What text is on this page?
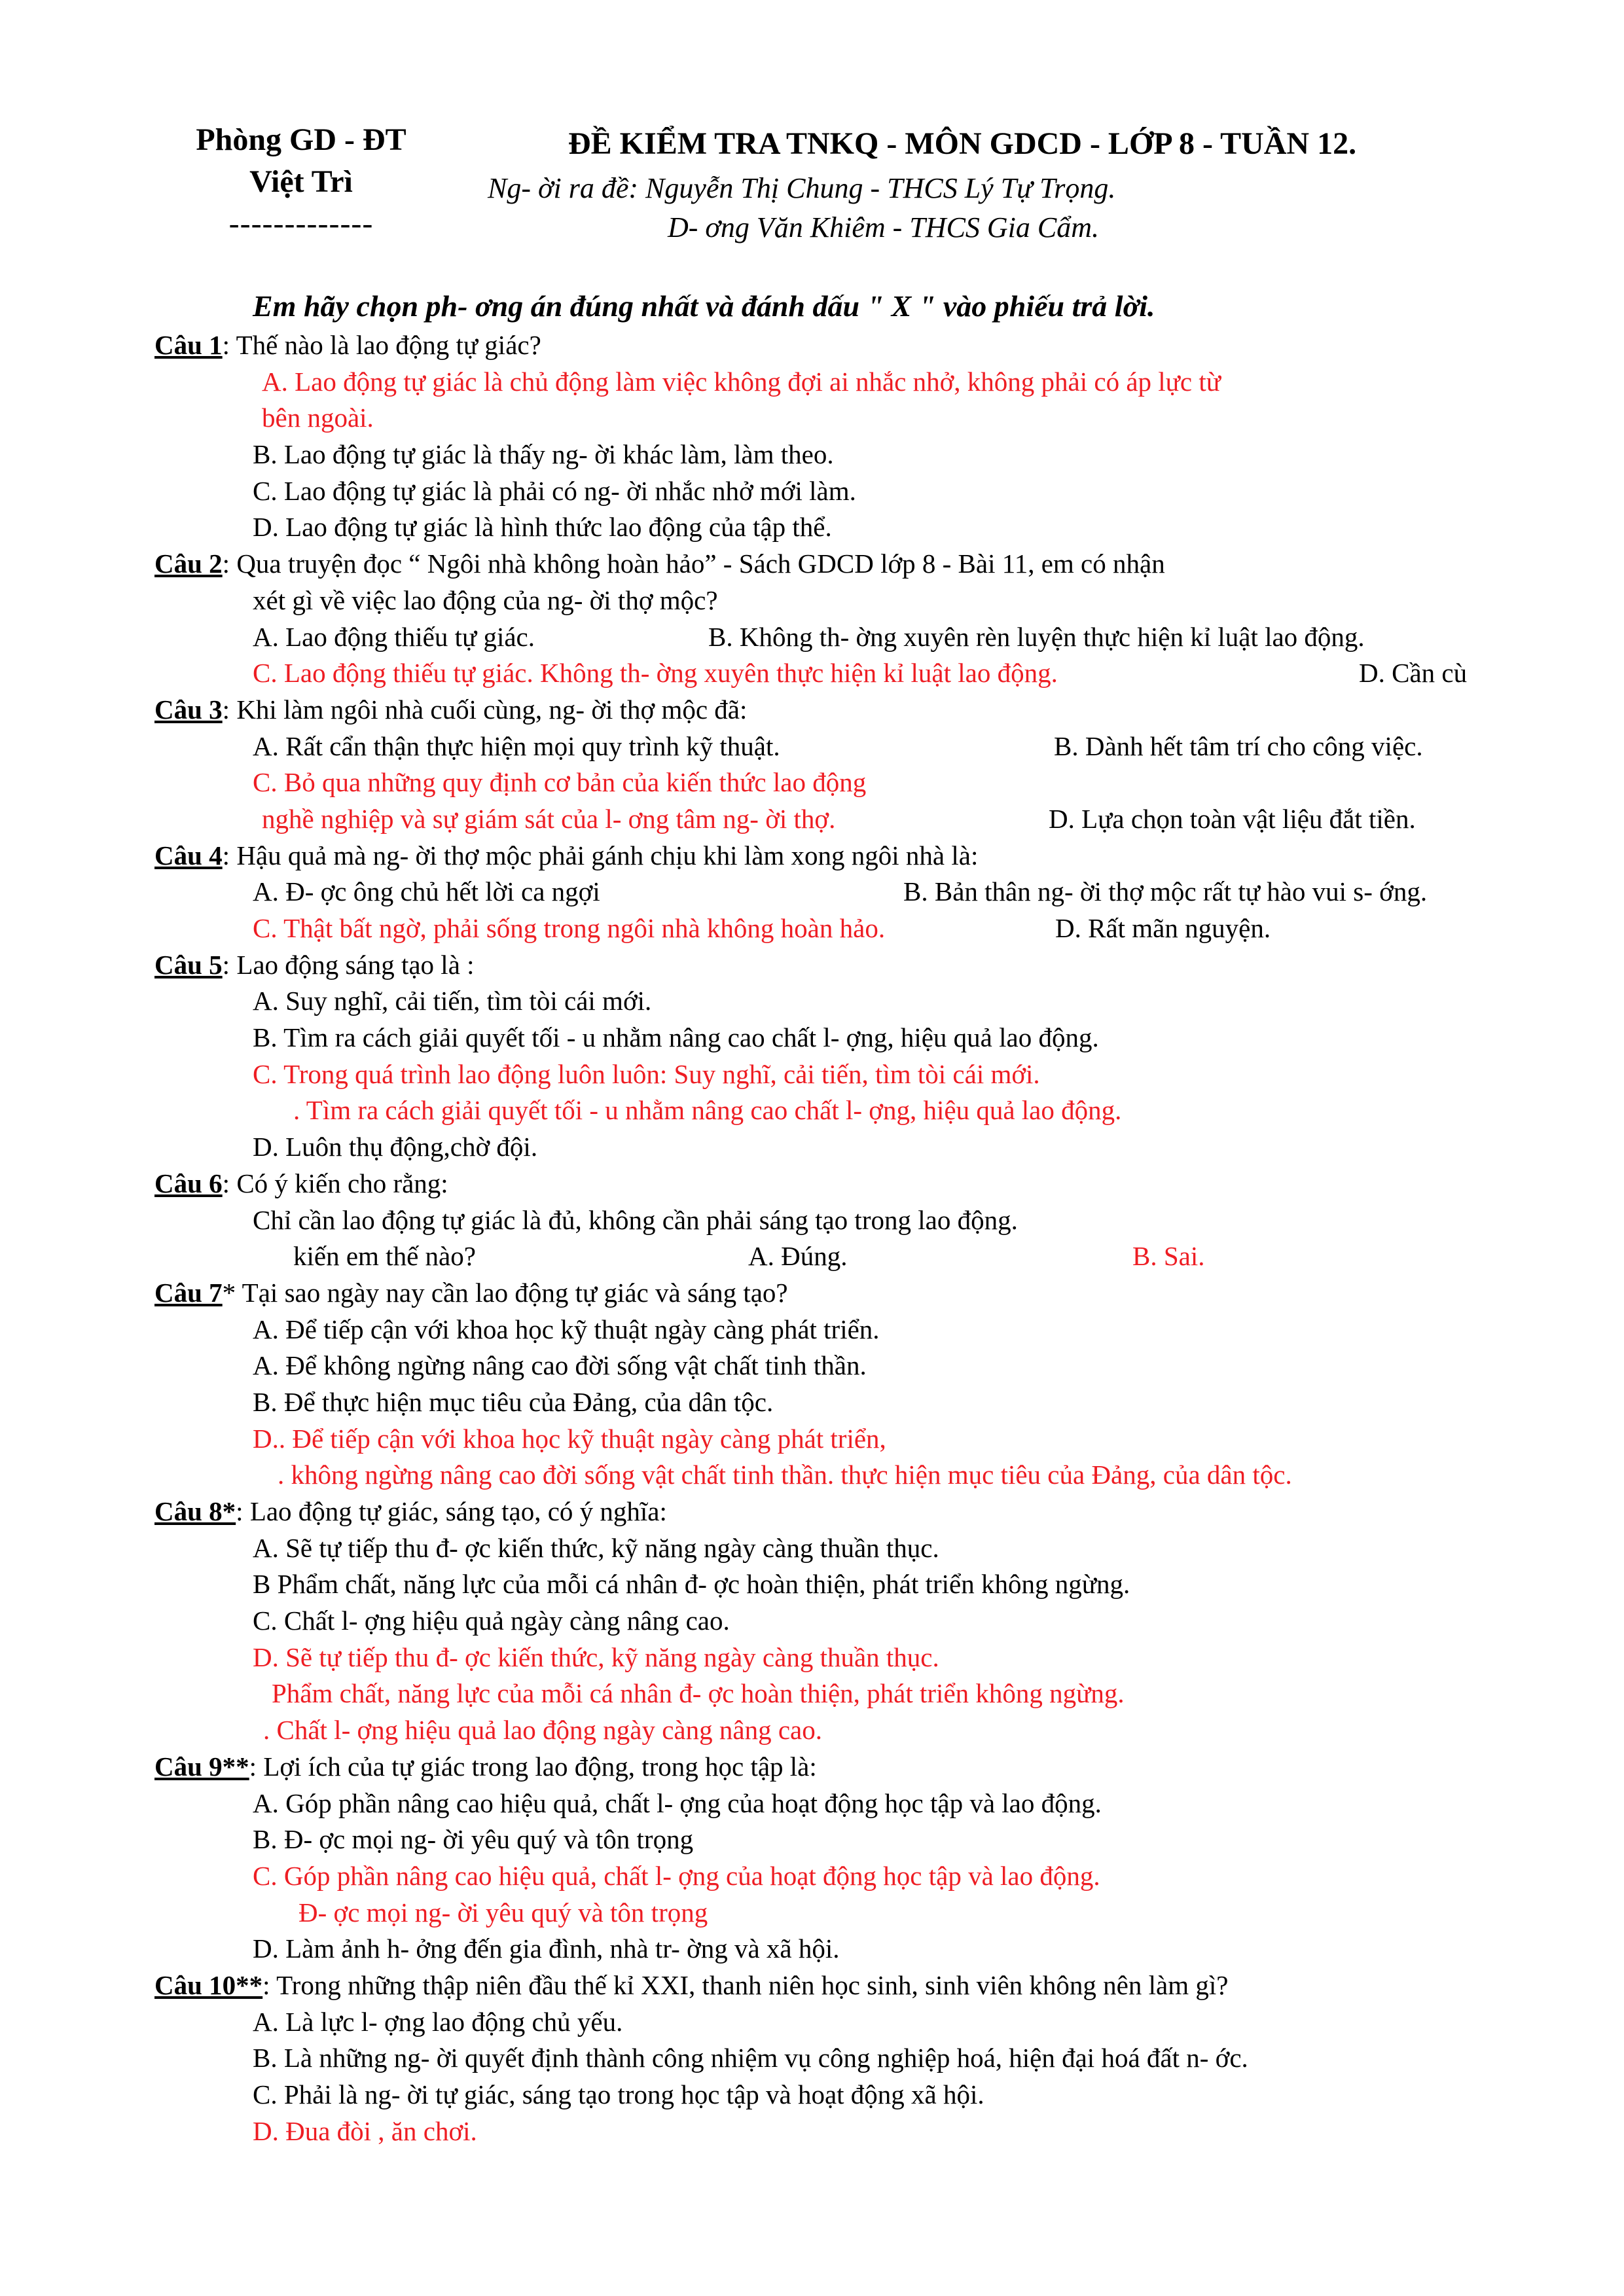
Phòng GD - ĐT
Việt Trì
-------------
ĐỀ KIỂM TRA TNKQ - MÔN GDCD - LỚP 8 - TUẦN 12.
Ng- ời ra đề: Nguyễn Thị Chung - THCS Lý Tự Trọng.
D- ơng Văn Khiêm - THCS Gia Cẩm.
Em hãy chọn ph- ơng án đúng nhất và đánh dấu " X " vào phiếu trả lời.
Câu 1: Thế nào là lao động tự giác?
A. Lao động tự giác là chủ động làm việc không đợi ai nhắc nhở, không phải có áp lực từ
bên ngoài.
B. Lao động tự giác là thấy ng- ời khác làm, làm theo.
C. Lao động tự giác là phải có ng- ời nhắc nhở mới làm.
D. Lao động tự giác là hình thức lao động của tập thể.
Câu 2: Qua truyện đọc “ Ngôi nhà không hoàn hảo” - Sách GDCD lớp 8 - Bài 11, em có nhận
xét gì về việc lao động của ng- ời thợ mộc?
A. Lao động thiếu tự giác.	B. Không th- ờng xuyên rèn luyện thực hiện kỉ luật lao động.
C. Lao động thiếu tự giác. Không th- ờng xuyên thực hiện kỉ luật lao động.	D. Cần cù
Câu 3: Khi làm ngôi nhà cuối cùng, ng- ời thợ mộc đã:
A. Rất cẩn thận thực hiện mọi quy trình kỹ thuật.	B. Dành hết tâm trí cho công việc.
C. Bỏ qua những quy định cơ bản của kiến thức lao động
nghề nghiệp và sự giám sát của l- ơng tâm ng- ời thợ.	D. Lựa chọn toàn vật liệu đắt tiền.
Câu 4: Hậu quả mà ng- ời thợ mộc phải gánh chịu khi làm xong ngôi nhà là:
A. Đ- ợc ông chủ hết lời ca ngợi	B. Bản thân ng- ời thợ mộc rất tự hào vui s- ớng.
C. Thật bất ngờ, phải sống trong ngôi nhà không hoàn hảo.	D. Rất mãn nguyện.
Câu 5: Lao động sáng tạo là :
A. Suy nghĩ, cải tiến, tìm tòi cái mới.
B. Tìm ra cách giải quyết tối - u nhằm nâng cao chất l- ợng, hiệu quả lao động.
C. Trong quá trình lao động luôn luôn: Suy nghĩ, cải tiến, tìm tòi cái mới.
. Tìm ra cách giải quyết tối - u nhằm nâng cao chất l- ợng, hiệu quả lao động.
D. Luôn thụ động,chờ đội.
Câu 6: Có ý kiến cho rằng:
Chỉ cần lao động tự giác là đủ, không cần phải sáng tạo trong lao động.
kiến em thế nào?	A. Đúng.	B. Sai.
Câu 7* Tại sao ngày nay cần lao động tự giác và sáng tạo?
A. Để tiếp cận với khoa học kỹ thuật ngày càng phát triển.
A. Để không ngừng nâng cao đời sống vật chất tinh thần.
B. Để thực hiện mục tiêu của Đảng, của dân tộc.
D.. Để tiếp cận với khoa học kỹ thuật ngày càng phát triển,
. không ngừng nâng cao đời sống vật chất tinh thần. thực hiện mục tiêu của Đảng, của dân tộc.
Câu 8*: Lao động tự giác, sáng tạo, có ý nghĩa:
A. Sẽ tự tiếp thu đ- ợc kiến thức, kỹ năng ngày càng thuần thục.
B Phẩm chất, năng lực của mỗi cá nhân đ- ợc hoàn thiện, phát triển không ngừng.
C. Chất l- ợng hiệu quả ngày càng nâng cao.
D. Sẽ tự tiếp thu đ- ợc kiến thức, kỹ năng ngày càng thuần thục.
Phẩm chất, năng lực của mỗi cá nhân đ- ợc hoàn thiện, phát triển không ngừng.
. Chất l- ợng hiệu quả lao động ngày càng nâng cao.
Câu 9**: Lợi ích của tự giác trong lao động, trong học tập là:
A. Góp phần nâng cao hiệu quả, chất l- ợng của hoạt động học tập và lao động.
B. Đ- ợc mọi ng- ời yêu quý và tôn trọng
C. Góp phần nâng cao hiệu quả, chất l- ợng của hoạt động học tập và lao động.
Đ- ợc mọi ng- ời yêu quý và tôn trọng
D. Làm ảnh h- ởng đến gia đình, nhà tr- ờng và xã hội.
Câu 10**: Trong những thập niên đầu thế kỉ XXI, thanh niên học sinh, sinh viên không nên làm gì?
A. Là lực l- ợng lao động chủ yếu.
B. Là những ng- ời quyết định thành công nhiệm vụ công nghiệp hoá, hiện đại hoá đất n- ớc.
C. Phải là ng- ời tự giác, sáng tạo trong học tập và hoạt động xã hội.
D. Đua đòi , ăn chơi.
